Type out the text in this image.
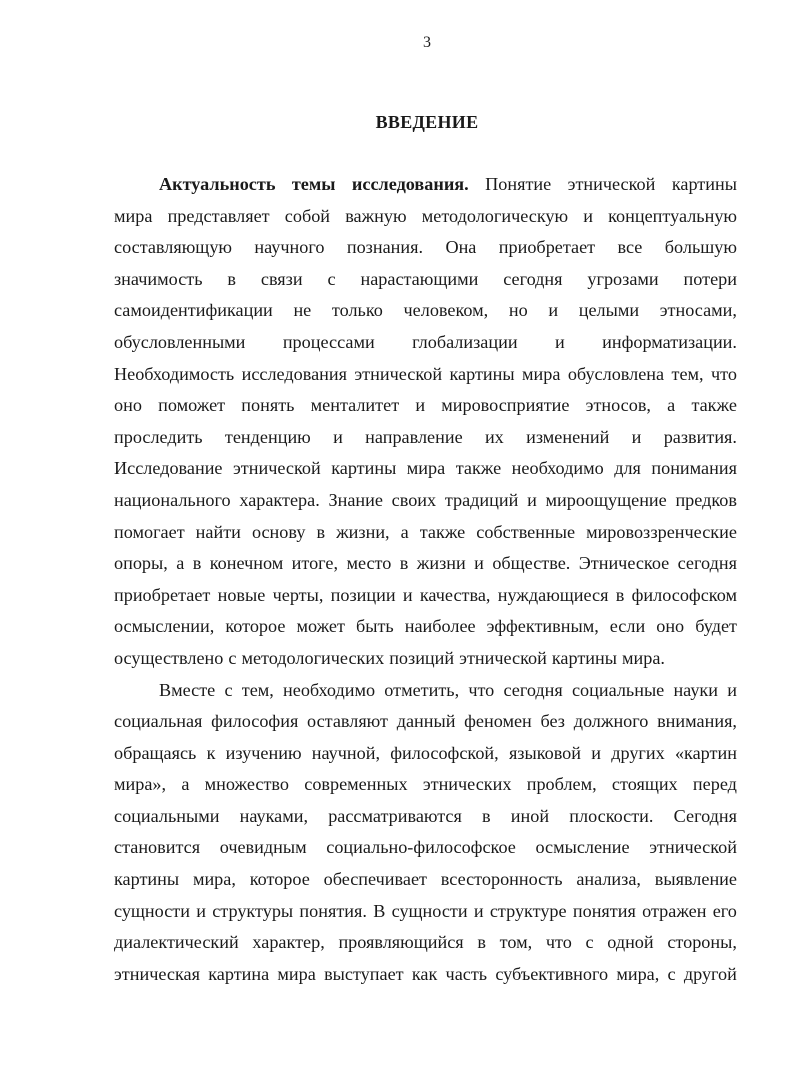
3
ВВЕДЕНИЕ
Актуальность темы исследования. Понятие этнической картины
мира представляет собой важную методологическую и концептуальную
составляющую научного познания. Она приобретает все большую
значимость в связи с нарастающими сегодня угрозами потери
самоидентификации не только человеком, но и целыми этносами,
обусловленными процессами глобализации и информатизации.
Необходимость исследования этнической картины мира обусловлена тем, что
оно поможет понять менталитет и мировосприятие этносов, а также
проследить тенденцию и направление их изменений и развития.
Исследование этнической картины мира также необходимо для понимания
национального характера. Знание своих традиций и мироощущение предков
помогает найти основу в жизни, а также собственные мировоззренческие
опоры, а в конечном итоге, место в жизни и обществе. Этническое сегодня
приобретает новые черты, позиции и качества, нуждающиеся в философском
осмыслении, которое может быть наиболее эффективным, если оно будет
осуществлено с методологических позиций этнической картины мира.
Вместе с тем, необходимо отметить, что сегодня социальные науки и
социальная философия оставляют данный феномен без должного внимания,
обращаясь к изучению научной, философской, языковой и других «картин
мира», а множество современных этнических проблем, стоящих перед
социальными науками, рассматриваются в иной плоскости. Сегодня
становится очевидным социально-философское осмысление этнической
картины мира, которое обеспечивает всесторонность анализа, выявление
сущности и структуры понятия. В сущности и структуре понятия отражен его
диалектический характер, проявляющийся в том, что с одной стороны,
этническая картина мира выступает как часть субъективного мира, с другой
